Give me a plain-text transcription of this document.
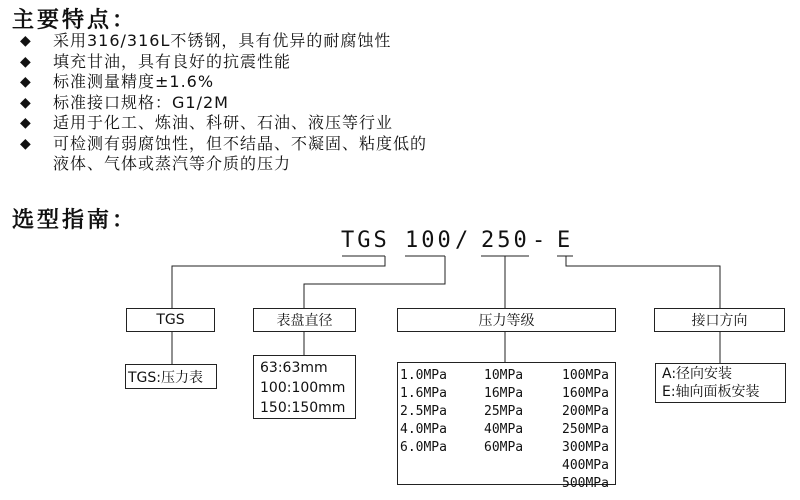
主要特点：
◆ 采用316/316L不锈钢，具有优异的耐腐蚀性
◆ 填充甘油，具有良好的抗震性能
◆ 标准测量精度±1.6%
◆ 标准接口规格：G1/2M
◆ 适用于化工、炼油、科研、石油、液压等行业
◆ 可检测有弱腐蚀性，但不结晶、不凝固、粘度低的
液体、气体或蒸汽等介质的压力
选型指南：
TGS 100 / 250 - E
TGS	表盘直径	压力等级	接口方向
TGS:压力表
63:63mm
100:100mm
150:150mm
1.0MPa
1.6MPa
2.5MPa
4.0MPa
6.0MPa
10MPa
16MPa
25MPa
40MPa
60MPa
100MPa
160MPa
200MPa
250MPa
300MPa
400MPa
500MPa
A:径向安装
E:轴向面板安装
